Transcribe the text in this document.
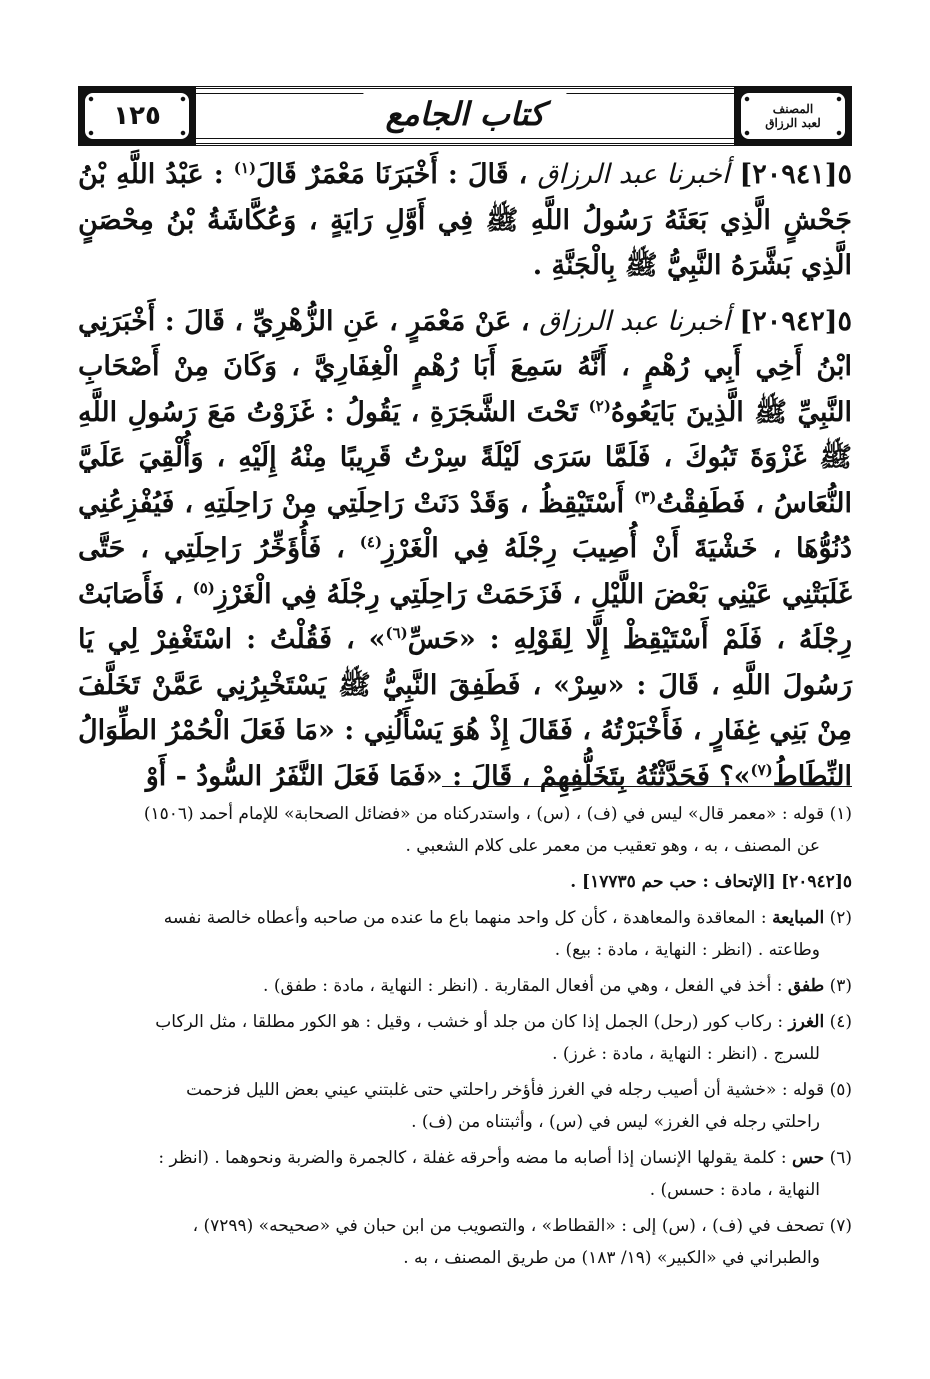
١٢٥	كتاب الجامع	المصنف
لعبد الرزاق

٥[٢٠٩٤١] أخبرنا عبد الرزاق ، قَالَ : أَخْبَرَنَا مَعْمَرٌ قَالَ$^{(١)}$ : عَبْدُ اللَّهِ بْنُ جَحْشٍ الَّذِي بَعَثَهُ رَسُولُ اللَّهِ ﷺ فِي أَوَّلِ رَايَةٍ ، وَعُكَّاشَةُ بْنُ مِحْصَنٍ الَّذِي بَشَّرَهُ النَّبِيُّ ﷺ بِالْجَنَّةِ .

٥[٢٠٩٤٢] أخبرنا عبد الرزاق ، عَنْ مَعْمَرٍ ، عَنِ الزُّهْرِيِّ ، قَالَ : أَخْبَرَنِي ابْنُ أَخِي أَبِي رُهْمٍ ، أَنَّهُ سَمِعَ أَبَا رُهْمٍ الْغِفَارِيَّ ، وَكَانَ مِنْ أَصْحَابِ النَّبِيِّ ﷺ الَّذِينَ بَايَعُوهُ$^{(٢)}$ تَحْتَ الشَّجَرَةِ ، يَقُولُ : غَزَوْتُ مَعَ رَسُولِ اللَّهِ ﷺ غَزْوَةَ تَبُوكَ ، فَلَمَّا سَرَى لَيْلَةً سِرْتُ قَرِيبًا مِنْهُ إِلَيْهِ ، وَأُلْقِيَ عَلَيَّ النُّعَاسُ ، فَطَفِقْتُ$^{(٣)}$ أَسْتَيْقِظُ ، وَقَدْ دَنَتْ رَاحِلَتِي مِنْ رَاحِلَتِهِ ، فَيُفْزِعُنِي دُنُوُّهَا ، خَشْيَةَ أَنْ أُصِيبَ رِجْلَهُ فِي الْغَرْزِ$^{(٤)}$ ، فَأُؤَخِّرُ رَاحِلَتِي ، حَتَّى غَلَبَتْنِي عَيْنِي بَعْضَ اللَّيْلِ ، فَزَحَمَتْ رَاحِلَتِي رِجْلَهُ فِي الْغَرْزِ$^{(٥)}$ ، فَأَصَابَتْ رِجْلَهُ ، فَلَمْ أَسْتَيْقِظْ إِلَّا لِقَوْلِهِ : «حَسِّ$^{(٦)}$» ، فَقُلْتُ : اسْتَغْفِرْ لِي يَا رَسُولَ اللَّهِ ، قَالَ : «سِرْ» ، فَطَفِقَ النَّبِيُّ ﷺ يَسْتَخْبِرُنِي عَمَّنْ تَخَلَّفَ مِنْ بَنِي غِفَارٍ ، فَأَخْبَرْتُهُ ، فَقَالَ إِذْ هُوَ يَسْأَلُنِي : «مَا فَعَلَ الْحُمْرُ الطِّوَالُ النِّطَاطُ$^{(٧)}$»؟ فَحَدَّثْتُهُ بِتَخَلُّفِهِمْ ، قَالَ : «فَمَا فَعَلَ النَّفَرُ السُّودُ - أَوْ

(١) قوله : «معمر قال» ليس في (ف) ، (س) ، واستدركناه من «فضائل الصحابة» للإمام أحمد (١٥٠٦)
عن المصنف ، به ، وهو تعقيب من معمر على كلام الشعبي .
٥[٢٠٩٤٢] [الإتحاف : حب حم ١٧٧٣٥] .
(٢) المبايعة : المعاقدة والمعاهدة ، كأن كل واحد منهما باع ما عنده من صاحبه وأعطاه خالصة نفسه
وطاعته . (انظر : النهاية ، مادة : بيع) .
(٣) طفق : أخذ في الفعل ، وهي من أفعال المقاربة . (انظر : النهاية ، مادة : طفق) .
(٤) الغرز : ركاب كور (رحل) الجمل إذا كان من جلد أو خشب ، وقيل : هو الكور مطلقا ، مثل الركاب
للسرج . (انظر : النهاية ، مادة : غرز) .
(٥) قوله : «خشية أن أصيب رجله في الغرز فأؤخر راحلتي حتى غلبتني عيني بعض الليل فزحمت
راحلتي رجله في الغرز» ليس في (س) ، وأثبتناه من (ف) .
(٦) حس : كلمة يقولها الإنسان إذا أصابه ما مضه وأحرقه غفلة ، كالجمرة والضربة ونحوهما . (انظر :
النهاية ، مادة : حسس) .
(٧) تصحف في (ف) ، (س) إلى : «القطاط» ، والتصويب من ابن حبان في «صحيحه» (٧٢٩٩) ،
والطبراني في «الكبير» (١٩/ ١٨٣) من طريق المصنف ، به .
